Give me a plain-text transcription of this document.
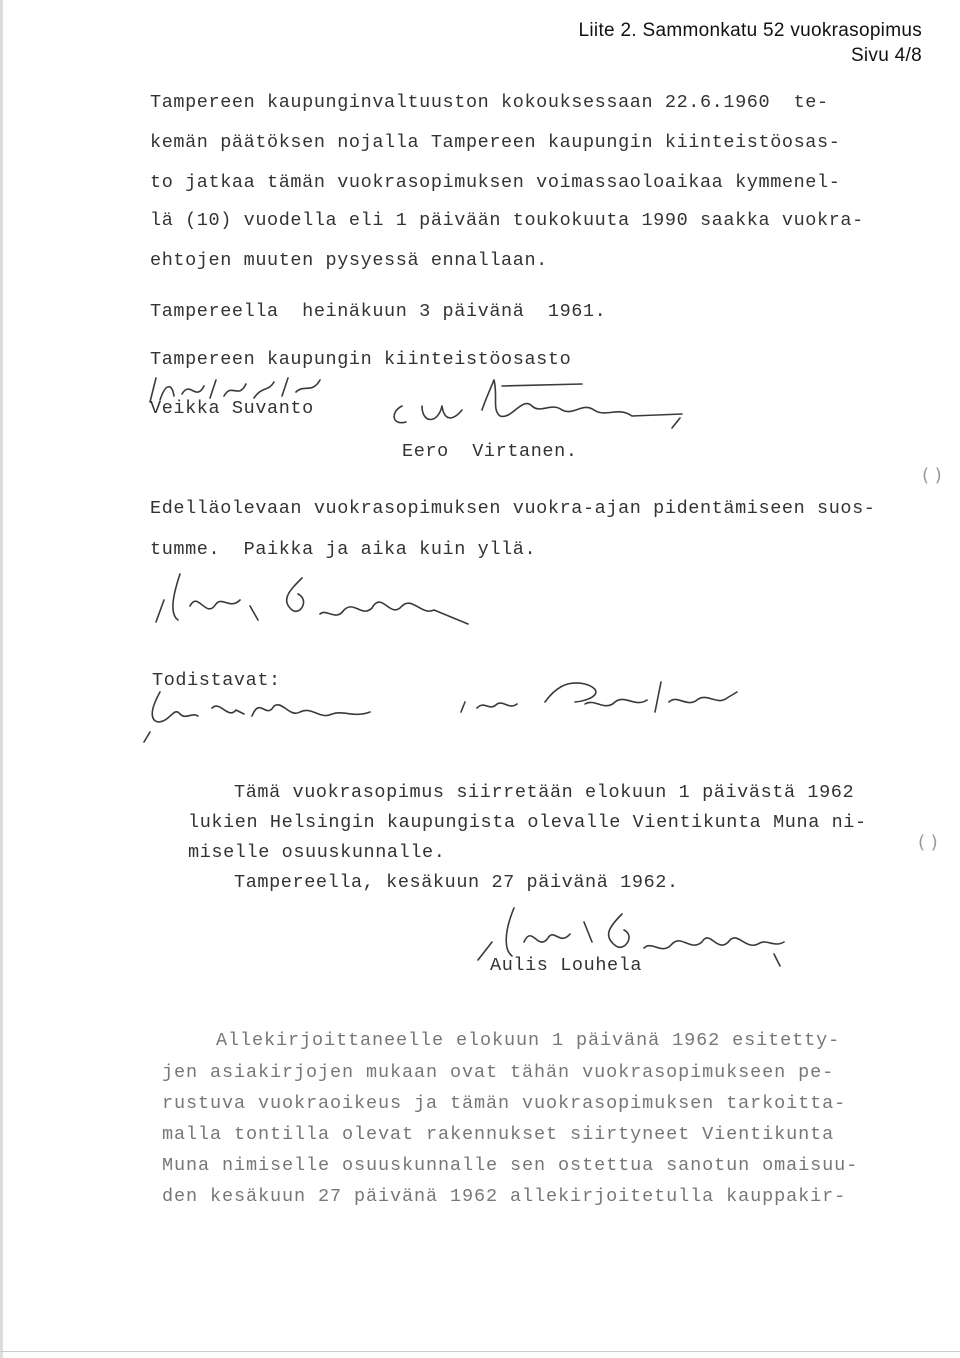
Liite 2. Sammonkatu 52 vuokrasopimus
Sivu 4/8
Tampereen kaupunginvaltuuston kokouksessaan 22.6.1960  te-
kemän päätöksen nojalla Tampereen kaupungin kiinteistöosas-
to jatkaa tämän vuokrasopimuksen voimassaoloaikaa kymmenel-
lä (10) vuodella eli 1 päivään toukokuuta 1990 saakka vuokra-
ehtojen muuten pysyessä ennallaan.
Tampereella  heinäkuun 3 päivänä  1961.
Tampereen kaupungin kiinteistöosasto
Veikka Suvanto
Eero  Virtanen.
( )
Edelläolevaan vuokrasopimuksen vuokra-ajan pidentämiseen suos-
tumme.  Paikka ja aika kuin yllä.
Todistavat:
Tämä vuokrasopimus siirretään elokuun 1 päivästä 1962
lukien Helsingin kaupungista olevalle Vientikunta Muna ni-
miselle osuuskunnalle.
Tampereella, kesäkuun 27 päivänä 1962.
( )
Aulis Louhela
Allekirjoittaneelle elokuun 1 päivänä 1962 esitetty-
jen asiakirjojen mukaan ovat tähän vuokrasopimukseen pe-
rustuva vuokraoikeus ja tämän vuokrasopimuksen tarkoitta-
malla tontilla olevat rakennukset siirtyneet Vientikunta
Muna nimiselle osuuskunnalle sen ostettua sanotun omaisuu-
den kesäkuun 27 päivänä 1962 allekirjoitetulla kauppakir-
